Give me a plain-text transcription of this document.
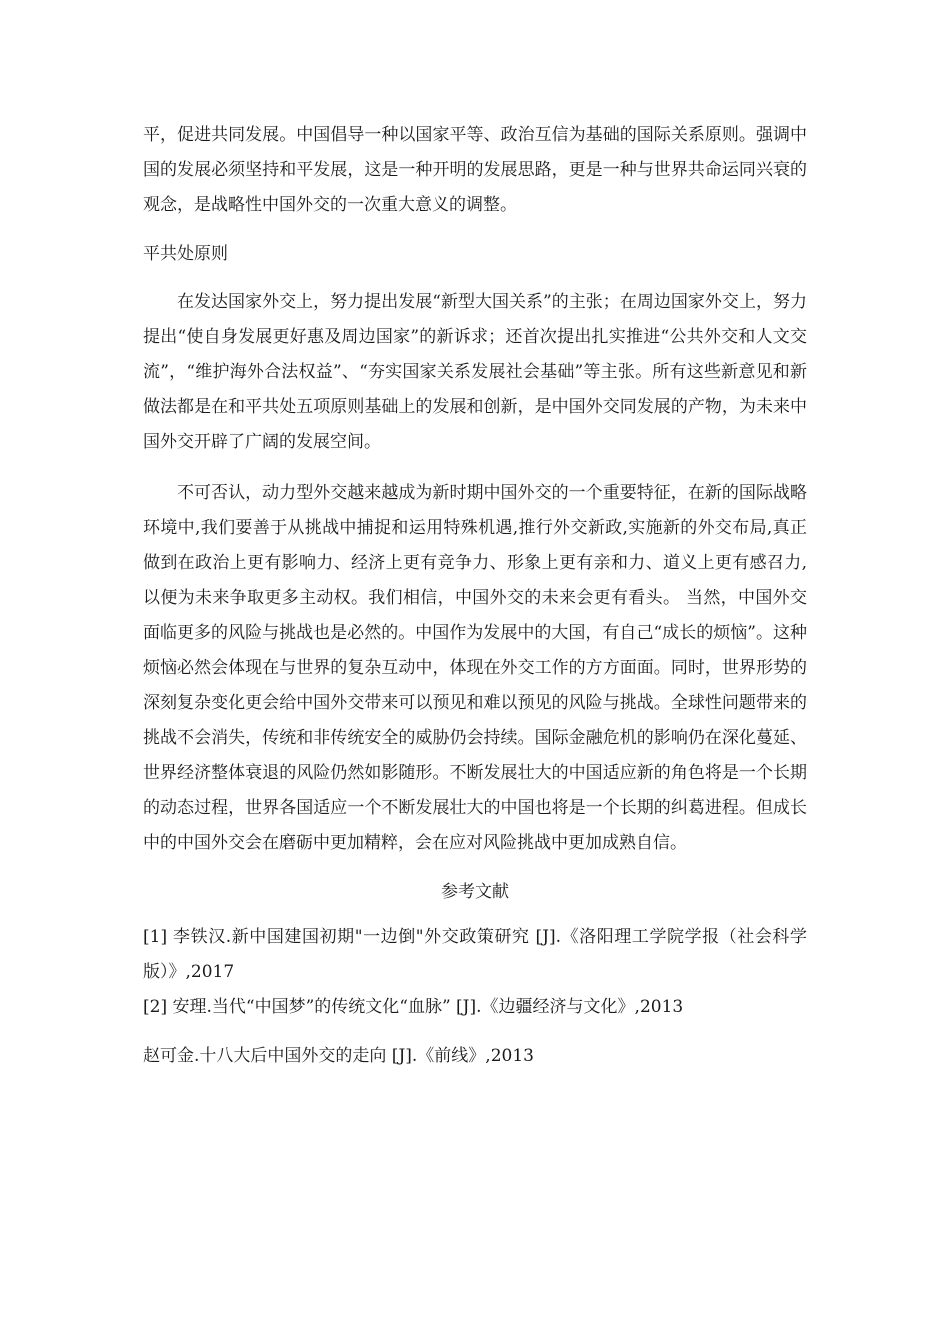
平，促进共同发展。中国倡导一种以国家平等、政治互信为基础的国际关系原则。强调中国的发展必须坚持和平发展，这是一种开明的发展思路，更是一种与世界共命运同兴衰的观念，是战略性中国外交的一次重大意义的调整。

平共处原则

在发达国家外交上，努力提出发展“新型大国关系”的主张；在周边国家外交上，努力提出“使自身发展更好惠及周边国家”的新诉求；还首次提出扎实推进“公共外交和人文交流”，“维护海外合法权益”、“夯实国家关系发展社会基础”等主张。所有这些新意见和新做法都是在和平共处五项原则基础上的发展和创新，是中国外交同发展的产物，为未来中国外交开辟了广阔的发展空间。

不可否认，动力型外交越来越成为新时期中国外交的一个重要特征，在新的国际战略环境中,我们要善于从挑战中捕捉和运用特殊机遇,推行外交新政,实施新的外交布局,真正做到在政治上更有影响力、经济上更有竞争力、形象上更有亲和力、道义上更有感召力,以便为未来争取更多主动权。我们相信，中国外交的未来会更有看头。 当然，中国外交面临更多的风险与挑战也是必然的。中国作为发展中的大国，有自己“成长的烦恼”。这种烦恼必然会体现在与世界的复杂互动中，体现在外交工作的方方面面。同时，世界形势的深刻复杂变化更会给中国外交带来可以预见和难以预见的风险与挑战。全球性问题带来的挑战不会消失，传统和非传统安全的威胁仍会持续。国际金融危机的影响仍在深化蔓延、世界经济整体衰退的风险仍然如影随形。不断发展壮大的中国适应新的角色将是一个长期的动态过程，世界各国适应一个不断发展壮大的中国也将是一个长期的纠葛进程。但成长中的中国外交会在磨砺中更加精粹，会在应对风险挑战中更加成熟自信。

参考文献

[1] 李铁汉.新中国建国初期"一边倒"外交政策研究 [J].《洛阳理工学院学报（社会科学版）》,2017

[2] 安理.当代“中国梦”的传统文化“血脉” [J].《边疆经济与文化》,2013

赵可金.十八大后中国外交的走向 [J].《前线》,2013
